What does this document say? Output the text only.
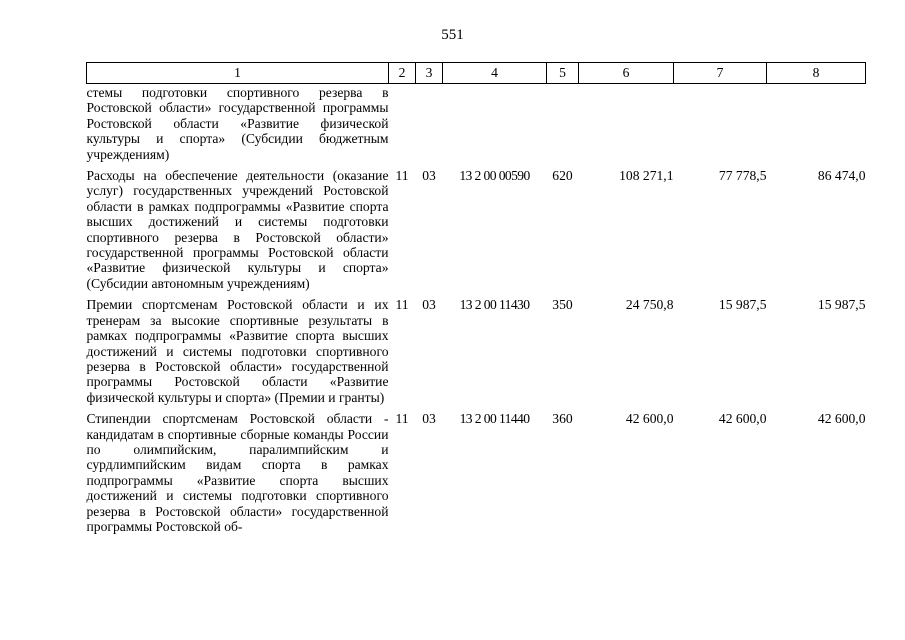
551
1	2	3	4	5	6	7	8
стемы подготовки спортивного резерва в Ростовской области» государственной программы Ростовской области «Развитие физической культуры и спорта» (Субсидии бюджетным учреждениям)							
Расходы на обеспечение деятельности (оказание услуг) государственных учреждений Ростовской области в рамках подпрограммы «Развитие спорта высших достижений и системы подготовки спортивного резерва в Ростовской области» государственной программы Ростовской области «Развитие физической культуры и спорта» (Субсидии автономным учреждениям)	11	03	13 2 00 00590	620	108 271,1	77 778,5	86 474,0
Премии спортсменам Ростовской области и их тренерам за высокие спортивные результаты в рамках подпрограммы «Развитие спорта высших достижений и системы подготовки спортивного резерва в Ростовской области» государственной программы Ростовской области «Развитие физической культуры и спорта» (Премии и гранты)	11	03	13 2 00 11430	350	24 750,8	15 987,5	15 987,5
Стипендии спортсменам Ростовской области - кандидатам в спортивные сборные команды России по олимпийским, паралимпийским и сурдлимпийским видам спорта в рамках подпрограммы «Развитие спорта высших достижений и системы подготовки спортивного резерва в Ростовской области» государственной программы Ростовской об-	11	03	13 2 00 11440	360	42 600,0	42 600,0	42 600,0
